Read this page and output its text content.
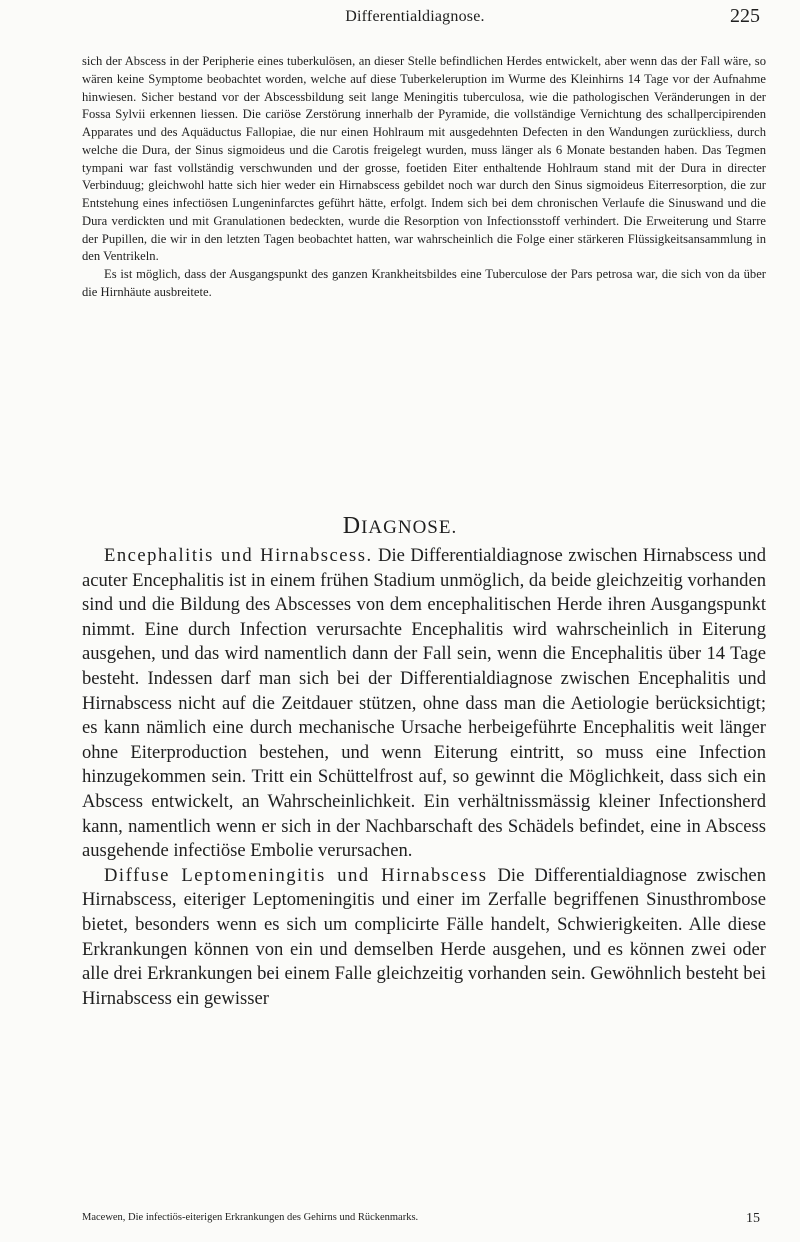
Differentialdiagnose.	225

sich der Abscess in der Peripherie eines tuberkulösen, an dieser Stelle befindlichen Herdes entwickelt, aber wenn das der Fall wäre, so wären keine Symptome beobachtet worden, welche auf diese Tuberkeleruption im Wurme des Kleinhirns 14 Tage vor der Aufnahme hinwiesen. Sicher bestand vor der Abscessbildung seit lange Meningitis tuberculosa, wie die pathologischen Veränderungen in der Fossa Sylvii erkennen liessen. Die cariöse Zerstörung innerhalb der Pyramide, die vollständige Vernichtung des schallpercipirenden Apparates und des Aquäductus Fallopiae, die nur einen Hohlraum mit ausgedehnten Defecten in den Wandungen zurückliess, durch welche die Dura, der Sinus sigmoideus und die Carotis freigelegt wurden, muss länger als 6 Monate bestanden haben. Das Tegmen tympani war fast vollständig verschwunden und der grosse, foetiden Eiter enthaltende Hohlraum stand mit der Dura in directer Verbinduug; gleichwohl hatte sich hier weder ein Hirnabscess gebildet noch war durch den Sinus sigmoideus Eiterresorption, die zur Entstehung eines infectiösen Lungeninfarctes geführt hätte, erfolgt. Indem sich bei dem chronischen Verlaufe die Sinuswand und die Dura verdickten und mit Granulationen bedeckten, wurde die Resorption von Infectionsstoff verhindert. Die Erweiterung und Starre der Pupillen, die wir in den letzten Tagen beobachtet hatten, war wahrscheinlich die Folge einer stärkeren Flüssigkeitsansammlung in den Ventrikeln.

Es ist möglich, dass der Ausgangspunkt des ganzen Krankheitsbildes eine Tuberculose der Pars petrosa war, die sich von da über die Hirnhäute ausbreitete.

DIAGNOSE.

Encephalitis und Hirnabscess. Die Differentialdiagnose zwischen Hirnabscess und acuter Encephalitis ist in einem frühen Stadium unmöglich, da beide gleichzeitig vorhanden sind und die Bildung des Abscesses von dem encephalitischen Herde ihren Ausgangspunkt nimmt. Eine durch Infection verursachte Encephalitis wird wahrscheinlich in Eiterung ausgehen, und das wird namentlich dann der Fall sein, wenn die Encephalitis über 14 Tage besteht. Indessen darf man sich bei der Differentialdiagnose zwischen Encephalitis und Hirnabscess nicht auf die Zeitdauer stützen, ohne dass man die Aetiologie berücksichtigt; es kann nämlich eine durch mechanische Ursache herbeigeführte Encephalitis weit länger ohne Eiterproduction bestehen, und wenn Eiterung eintritt, so muss eine Infection hinzugekommen sein. Tritt ein Schüttelfrost auf, so gewinnt die Möglichkeit, dass sich ein Abscess entwickelt, an Wahrscheinlichkeit. Ein verhältnissmässig kleiner Infectionsherd kann, namentlich wenn er sich in der Nachbarschaft des Schädels befindet, eine in Abscess ausgehende infectiöse Embolie verursachen.

Diffuse Leptomeningitis und Hirnabscess Die Differentialdiagnose zwischen Hirnabscess, eiteriger Leptomeningitis und einer im Zerfalle begriffenen Sinusthrombose bietet, besonders wenn es sich um complicirte Fälle handelt, Schwierigkeiten. Alle diese Erkrankungen können von ein und demselben Herde ausgehen, und es können zwei oder alle drei Erkrankungen bei einem Falle gleichzeitig vorhanden sein. Gewöhnlich besteht bei Hirnabscess ein gewisser

Macewen, Die infectiös-eiterigen Erkrankungen des Gehirns und Rückenmarks.	15
